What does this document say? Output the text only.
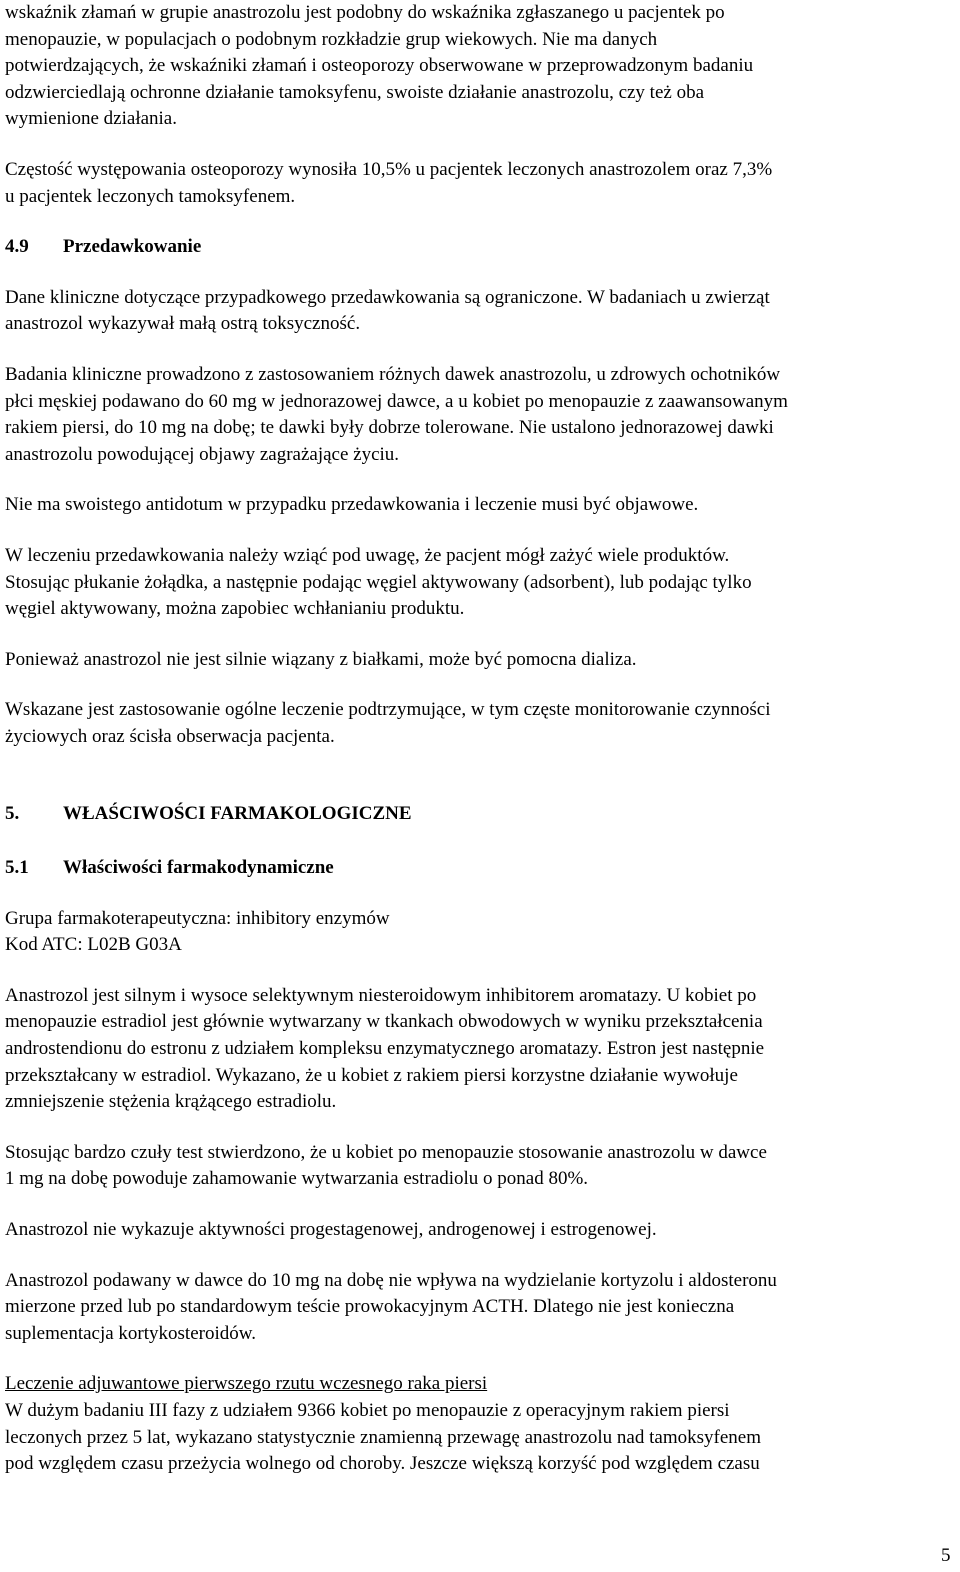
wskaźnik złamań w grupie anastrozolu jest podobny do wskaźnika zgłaszanego u pacjentek po
menopauzie, w populacjach o podobnym rozkładzie grup wiekowych. Nie ma danych
potwierdzających, że wskaźniki złamań i osteoporozy obserwowane w przeprowadzonym badaniu
odzwierciedlają ochronne działanie tamoksyfenu, swoiste działanie anastrozolu, czy też oba
wymienione działania.

Częstość występowania osteoporozy wynosiła 10,5% u pacjentek leczonych anastrozolem oraz 7,3%
u pacjentek leczonych tamoksyfenem.

4.9 Przedawkowanie

Dane kliniczne dotyczące przypadkowego przedawkowania są ograniczone. W badaniach u zwierząt
anastrozol wykazywał małą ostrą toksyczność.

Badania kliniczne prowadzono z zastosowaniem różnych dawek anastrozolu, u zdrowych ochotników
płci męskiej podawano do 60 mg w jednorazowej dawce, a u kobiet po menopauzie z zaawansowanym
rakiem piersi, do 10 mg na dobę; te dawki były dobrze tolerowane. Nie ustalono jednorazowej dawki
anastrozolu powodującej objawy zagrażające życiu.

Nie ma swoistego antidotum w przypadku przedawkowania i leczenie musi być objawowe.

W leczeniu przedawkowania należy wziąć pod uwagę, że pacjent mógł zażyć wiele produktów.
Stosując płukanie żołądka, a następnie podając węgiel aktywowany (adsorbent), lub podając tylko
węgiel aktywowany, można zapobiec wchłanianiu produktu.

Ponieważ anastrozol nie jest silnie wiązany z białkami, może być pomocna dializa.

Wskazane jest zastosowanie ogólne leczenie podtrzymujące, w tym częste monitorowanie czynności
życiowych oraz ścisła obserwacja pacjenta.

5. WŁAŚCIWOŚCI FARMAKOLOGICZNE
5.1 Właściwości farmakodynamiczne

Grupa farmakoterapeutyczna: inhibitory enzymów
Kod ATC: L02B G03A

Anastrozol jest silnym i wysoce selektywnym niesteroidowym inhibitorem aromatazy. U kobiet po
menopauzie estradiol jest głównie wytwarzany w tkankach obwodowych w wyniku przekształcenia
androstendionu do estronu z udziałem kompleksu enzymatycznego aromatazy. Estron jest następnie
przekształcany w estradiol. Wykazano, że u kobiet z rakiem piersi korzystne działanie wywołuje
zmniejszenie stężenia krążącego estradiolu.

Stosując bardzo czuły test stwierdzono, że u kobiet po menopauzie stosowanie anastrozolu w dawce
1 mg na dobę powoduje zahamowanie wytwarzania estradiolu o ponad 80%.

Anastrozol nie wykazuje aktywności progestagenowej, androgenowej i estrogenowej.

Anastrozol podawany w dawce do 10 mg na dobę nie wpływa na wydzielanie kortyzolu i aldosteronu
mierzone przed lub po standardowym teście prowokacyjnym ACTH. Dlatego nie jest konieczna
suplementacja kortykosteroidów.

Leczenie adjuwantowe pierwszego rzutu wczesnego raka piersi

W dużym badaniu III fazy z udziałem 9366 kobiet po menopauzie z operacyjnym rakiem piersi
leczonych przez 5 lat, wykazano statystycznie znamienną przewagę anastrozolu nad tamoksyfenem
pod względem czasu przeżycia wolnego od choroby. Jeszcze większą korzyść pod względem czasu

5
